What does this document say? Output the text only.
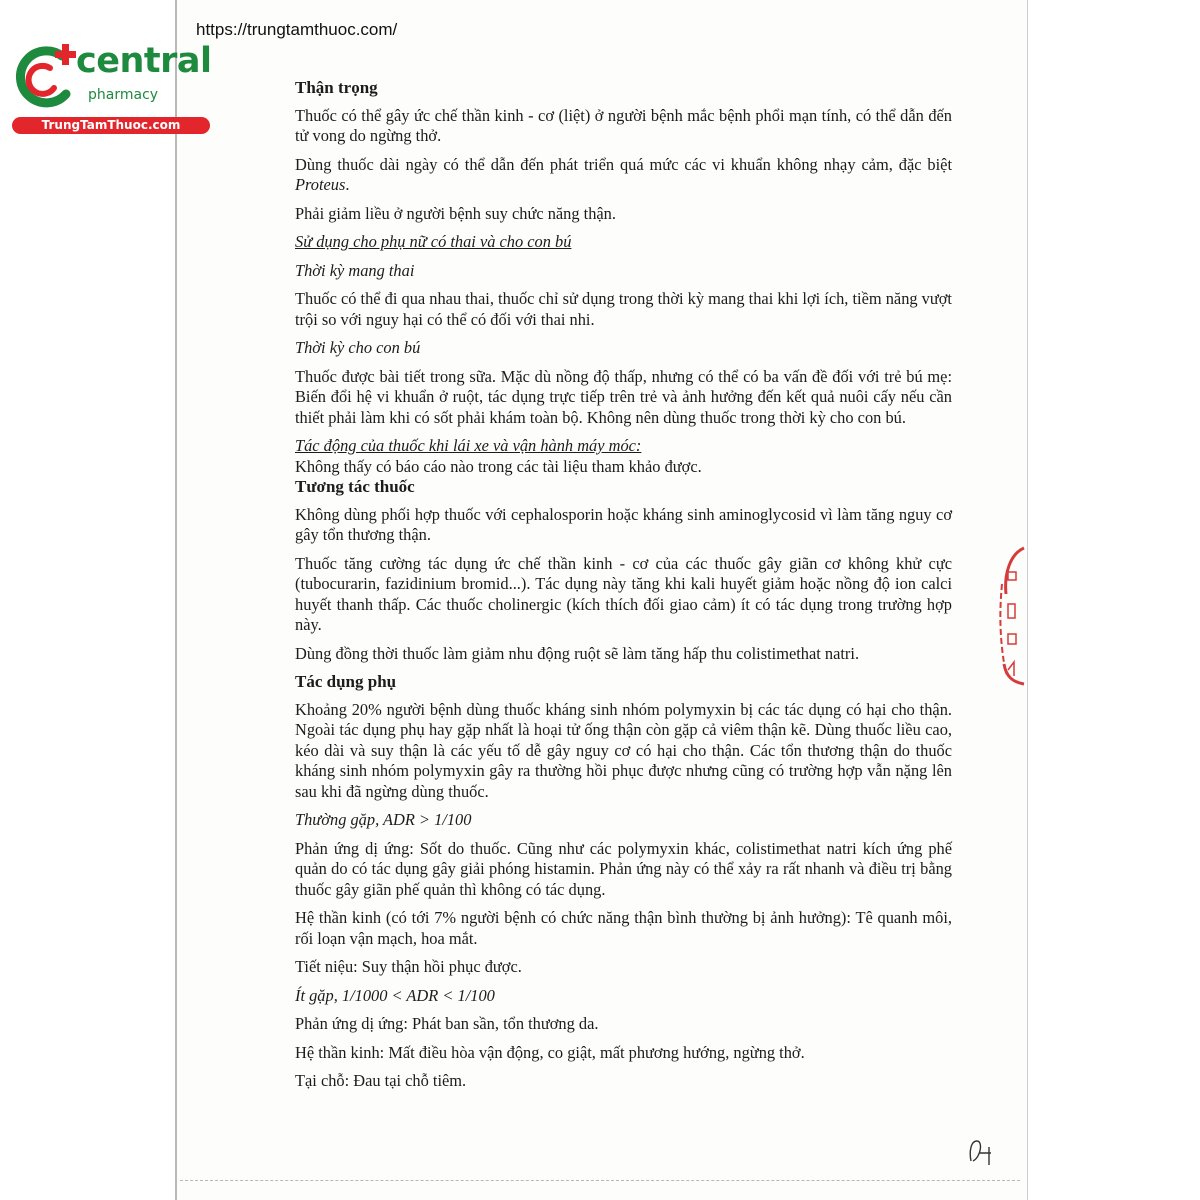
https://trungtamthuoc.com/
central
pharmacy
TrungTamThuoc.com

Thận trọng

Thuốc có thể gây ức chế thần kinh - cơ (liệt) ở người bệnh mắc bệnh phổi mạn tính, có thể dẫn đến tử vong do ngừng thở.

Dùng thuốc dài ngày có thể dẫn đến phát triển quá mức các vi khuẩn không nhạy cảm, đặc biệt Proteus.

Phải giảm liều ở người bệnh suy chức năng thận.

Sử dụng cho phụ nữ có thai và cho con bú

Thời kỳ mang thai

Thuốc có thể đi qua nhau thai, thuốc chỉ sử dụng trong thời kỳ mang thai khi lợi ích, tiềm năng vượt trội so với nguy hại có thể có đối với thai nhi.

Thời kỳ cho con bú

Thuốc được bài tiết trong sữa. Mặc dù nồng độ thấp, nhưng có thể có ba vấn đề đối với trẻ bú mẹ: Biến đổi hệ vi khuẩn ở ruột, tác dụng trực tiếp trên trẻ và ảnh hưởng đến kết quả nuôi cấy nếu cần thiết phải làm khi có sốt phải khám toàn bộ. Không nên dùng thuốc trong thời kỳ cho con bú.

Tác động của thuốc khi lái xe và vận hành máy móc:

Không thấy có báo cáo nào trong các tài liệu tham khảo được.

Tương tác thuốc

Không dùng phối hợp thuốc với cephalosporin hoặc kháng sinh aminoglycosid vì làm tăng nguy cơ gây tổn thương thận.

Thuốc tăng cường tác dụng ức chế thần kinh - cơ của các thuốc gây giãn cơ không khử cực (tubocurarin, fazidinium bromid...). Tác dụng này tăng khi kali huyết giảm hoặc nồng độ ion calci huyết thanh thấp. Các thuốc cholinergic (kích thích đối giao cảm) ít có tác dụng trong trường hợp này.

Dùng đồng thời thuốc làm giảm nhu động ruột sẽ làm tăng hấp thu colistimethat natri.

Tác dụng phụ

Khoảng 20% người bệnh dùng thuốc kháng sinh nhóm polymyxin bị các tác dụng có hại cho thận. Ngoài tác dụng phụ hay gặp nhất là hoại tử ống thận còn gặp cả viêm thận kẽ. Dùng thuốc liều cao, kéo dài và suy thận là các yếu tố dễ gây nguy cơ có hại cho thận. Các tổn thương thận do thuốc kháng sinh nhóm polymyxin gây ra thường hồi phục được nhưng cũng có trường hợp vẫn nặng lên sau khi đã ngừng dùng thuốc.

Thường gặp, ADR > 1/100

Phản ứng dị ứng: Sốt do thuốc. Cũng như các polymyxin khác, colistimethat natri kích ứng phế quản do có tác dụng gây giải phóng histamin. Phản ứng này có thể xảy ra rất nhanh và điều trị bằng thuốc gây giãn phế quản thì không có tác dụng.

Hệ thần kinh (có tới 7% người bệnh có chức năng thận bình thường bị ảnh hưởng): Tê quanh môi, rối loạn vận mạch, hoa mắt.

Tiết niệu: Suy thận hồi phục được.

Ít gặp, 1/1000 < ADR < 1/100

Phản ứng dị ứng: Phát ban sần, tổn thương da.

Hệ thần kinh: Mất điều hòa vận động, co giật, mất phương hướng, ngừng thở.

Tại chỗ: Đau tại chỗ tiêm.
